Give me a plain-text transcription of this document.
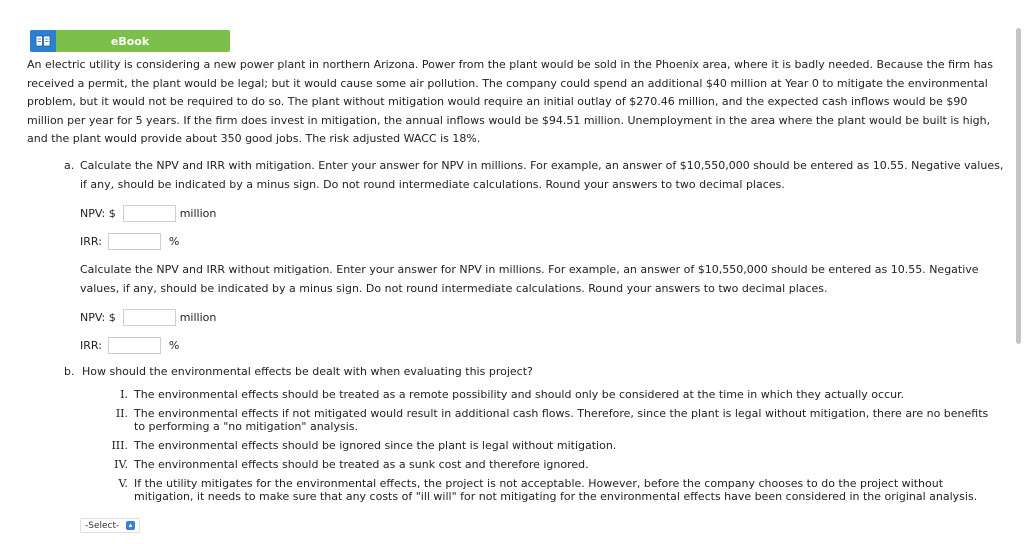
eBook
An electric utility is considering a new power plant in northern Arizona. Power from the plant would be sold in the Phoenix area, where it is badly needed. Because the firm has received a permit, the plant would be legal; but it would cause some air pollution. The company could spend an additional $40 million at Year 0 to mitigate the environmental problem, but it would not be required to do so. The plant without mitigation would require an initial outlay of $270.46 million, and the expected cash inflows would be $90 million per year for 5 years. If the firm does invest in mitigation, the annual inflows would be $94.51 million. Unemployment in the area where the plant would be built is high, and the plant would provide about 350 good jobs. The risk adjusted WACC is 18%.
a. Calculate the NPV and IRR with mitigation. Enter your answer for NPV in millions. For example, an answer of $10,550,000 should be entered as 10.55. Negative values, if any, should be indicated by a minus sign. Do not round intermediate calculations. Round your answers to two decimal places.
NPV: $	million
IRR:	%
Calculate the NPV and IRR without mitigation. Enter your answer for NPV in millions. For example, an answer of $10,550,000 should be entered as 10.55. Negative values, if any, should be indicated by a minus sign. Do not round intermediate calculations. Round your answers to two decimal places.
NPV: $	million
IRR:	%
b. How should the environmental effects be dealt with when evaluating this project?
I. The environmental effects should be treated as a remote possibility and should only be considered at the time in which they actually occur.
II. The environmental effects if not mitigated would result in additional cash flows. Therefore, since the plant is legal without mitigation, there are no benefits to performing a "no mitigation" analysis.
III. The environmental effects should be ignored since the plant is legal without mitigation.
IV. The environmental effects should be treated as a sunk cost and therefore ignored.
V. If the utility mitigates for the environmental effects, the project is not acceptable. However, before the company chooses to do the project without mitigation, it needs to make sure that any costs of "ill will" for not mitigating for the environmental effects have been considered in the original analysis.
-Select-	▴
